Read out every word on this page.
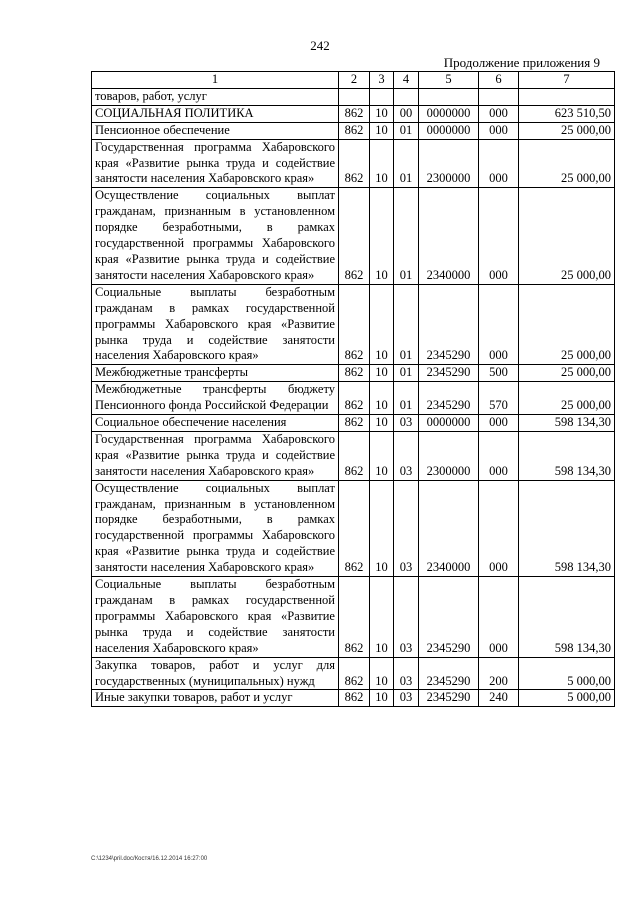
242
Продолжение приложения 9
1	2	3	4	5	6	7
товаров, работ, услуг						
СОЦИАЛЬНАЯ ПОЛИТИКА	862	10	00	0000000	000	623 510,50
Пенсионное обеспечение	862	10	01	0000000	000	25 000,00
Государственная программа Хабаровского края «Развитие рынка труда и содействие занятости населения Хабаровского края»	862	10	01	2300000	000	25 000,00
Осуществление социальных выплат гражданам, признанным в установленном порядке безработными, в рамках государственной программы Хабаровского края «Развитие рынка труда и содействие занятости населения Хабаровского края»	862	10	01	2340000	000	25 000,00
Социальные выплаты безработным гражданам в рамках государственной программы Хабаровского края «Развитие рынка труда и содействие занятости населения Хабаровского края»	862	10	01	2345290	000	25 000,00
Межбюджетные трансферты	862	10	01	2345290	500	25 000,00
Межбюджетные трансферты бюджету Пенсионного фонда Российской Федерации	862	10	01	2345290	570	25 000,00
Социальное обеспечение населения	862	10	03	0000000	000	598 134,30
Государственная программа Хабаровского края «Развитие рынка труда и содействие занятости населения Хабаровского края»	862	10	03	2300000	000	598 134,30
Осуществление социальных выплат гражданам, признанным в установленном порядке безработными, в рамках государственной программы Хабаровского края «Развитие рынка труда и содействие занятости населения Хабаровского края»	862	10	03	2340000	000	598 134,30
Социальные выплаты безработным гражданам в рамках государственной программы Хабаровского края «Развитие рынка труда и содействие занятости населения Хабаровского края»	862	10	03	2345290	000	598 134,30
Закупка товаров, работ и услуг для государственных (муниципальных) нужд	862	10	03	2345290	200	5 000,00
Иные закупки товаров, работ и услуг	862	10	03	2345290	240	5 000,00
C:\1234\pril.doc/Костя/16.12.2014 16:27:00
